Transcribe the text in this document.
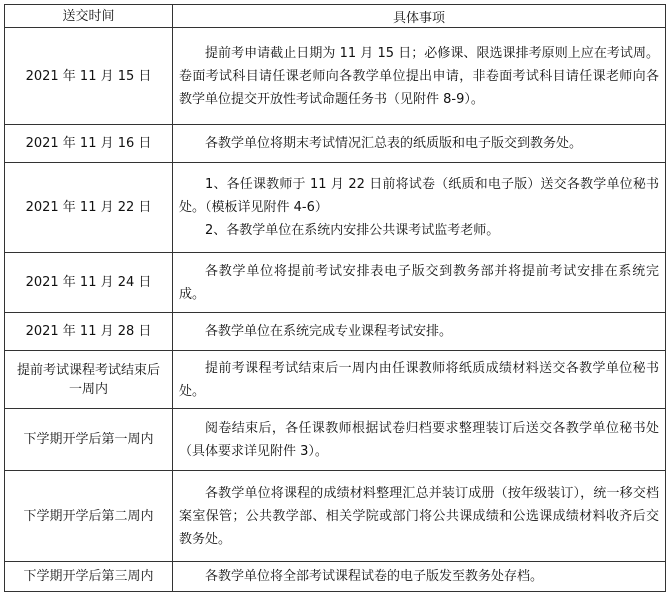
送交时间	具体事项
2021 年 11 月 15 日	提前考申请截止日期为 11 月 15 日；必修课、限选课排考原则上应在考试周。卷面考试科目请任课老师向各教学单位提出申请，非卷面考试科目请任课老师向各教学单位提交开放性考试命题任务书（见附件 8-9）。

2021 年 11 月 16 日	各教学单位将期末考试情况汇总表的纸质版和电子版交到教务处。

2021 年 11 月 22 日	1、各任课教师于 11 月 22 日前将试卷（纸质和电子版）送交各教学单位秘书处。（模板详见附件 4-6）
2、各教学单位在系统内安排公共课考试监考老师。

2021 年 11 月 24 日	各教学单位将提前考试安排表电子版交到教务部并将提前考试安排在系统完成。

2021 年 11 月 28 日	各教学单位在系统完成专业课程考试安排。

提前考试课程考试结束后一周内	提前考课程考试结束后一周内由任课教师将纸质成绩材料送交各教学单位秘书处。

下学期开学后第一周内	阅卷结束后，各任课教师根据试卷归档要求整理装订后送交各教学单位秘书处（具体要求详见附件 3）。

下学期开学后第二周内	各教学单位将课程的成绩材料整理汇总并装订成册（按年级装订），统一移交档案室保管；公共教学部、相关学院或部门将公共课成绩和公选课成绩材料收齐后交教务处。

下学期开学后第三周内	各教学单位将全部考试课程试卷的电子版发至教务处存档。
